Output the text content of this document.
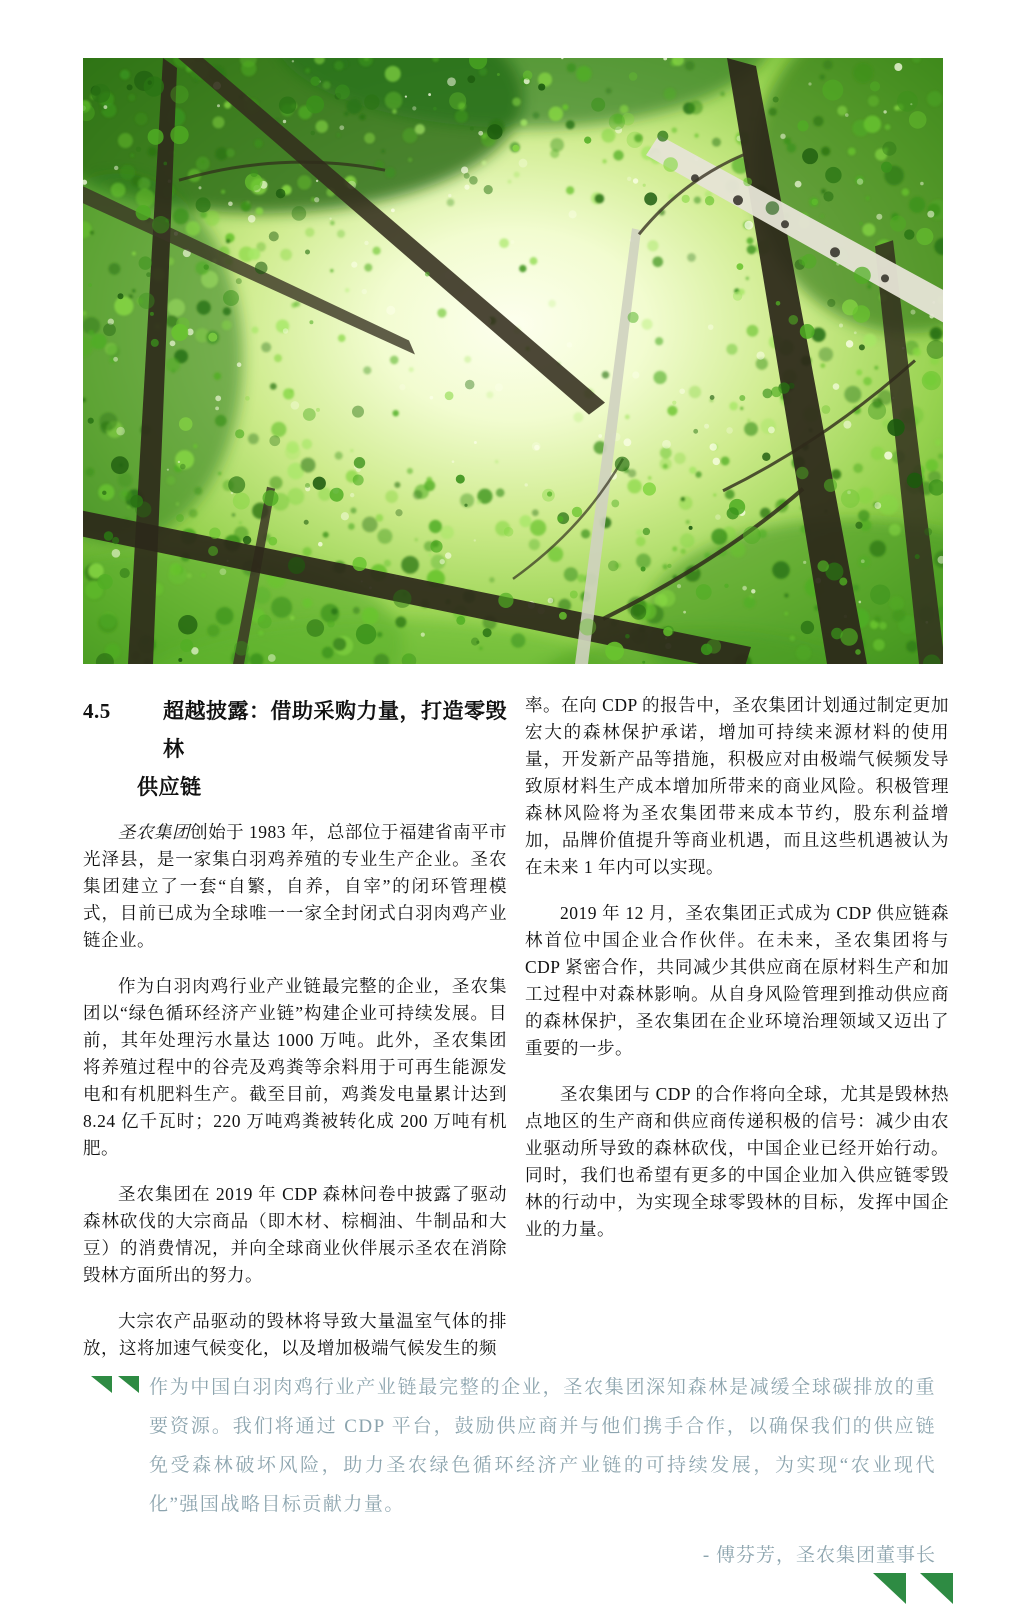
4.5 超越披露：借助采购力量，打造零毁林
供应链

圣农集团创始于 1983 年，总部位于福建省南平市光泽县，是一家集白羽鸡养殖的专业生产企业。圣农集团建立了一套“自繁，自养，自宰”的闭环管理模式，目前已成为全球唯一一家全封闭式白羽肉鸡产业链企业。

作为白羽肉鸡行业产业链最完整的企业，圣农集团以“绿色循环经济产业链”构建企业可持续发展。目前，其年处理污水量达 1000 万吨。此外，圣农集团将养殖过程中的谷壳及鸡粪等余料用于可再生能源发电和有机肥料生产。截至目前，鸡粪发电量累计达到 8.24 亿千瓦时；220 万吨鸡粪被转化成 200 万吨有机肥。

圣农集团在 2019 年 CDP 森林问卷中披露了驱动森林砍伐的大宗商品（即木材、棕榈油、牛制品和大豆）的消费情况，并向全球商业伙伴展示圣农在消除毁林方面所出的努力。

大宗农产品驱动的毁林将导致大量温室气体的排放，这将加速气候变化，以及增加极端气候发生的频

率。在向 CDP 的报告中，圣农集团计划通过制定更加宏大的森林保护承诺，增加可持续来源材料的使用量，开发新产品等措施，积极应对由极端气候频发导致原材料生产成本增加所带来的商业风险。积极管理森林风险将为圣农集团带来成本节约，股东利益增加，品牌价值提升等商业机遇，而且这些机遇被认为在未来 1 年内可以实现。

2019 年 12 月，圣农集团正式成为 CDP 供应链森林首位中国企业合作伙伴。在未来，圣农集团将与 CDP 紧密合作，共同减少其供应商在原材料生产和加工过程中对森林影响。从自身风险管理到推动供应商的森林保护，圣农集团在企业环境治理领域又迈出了重要的一步。

圣农集团与 CDP 的合作将向全球，尤其是毁林热点地区的生产商和供应商传递积极的信号：减少由农业驱动所导致的森林砍伐，中国企业已经开始行动。同时，我们也希望有更多的中国企业加入供应链零毁林的行动中，为实现全球零毁林的目标，发挥中国企业的力量。

作为中国白羽肉鸡行业产业链最完整的企业，圣农集团深知森林是减缓全球碳排放的重要资源。我们将通过 CDP 平台，鼓励供应商并与他们携手合作，以确保我们的供应链免受森林破坏风险，助力圣农绿色循环经济产业链的可持续发展，为实现“农业现代化”强国战略目标贡献力量。
- 傅芬芳，圣农集团董事长
